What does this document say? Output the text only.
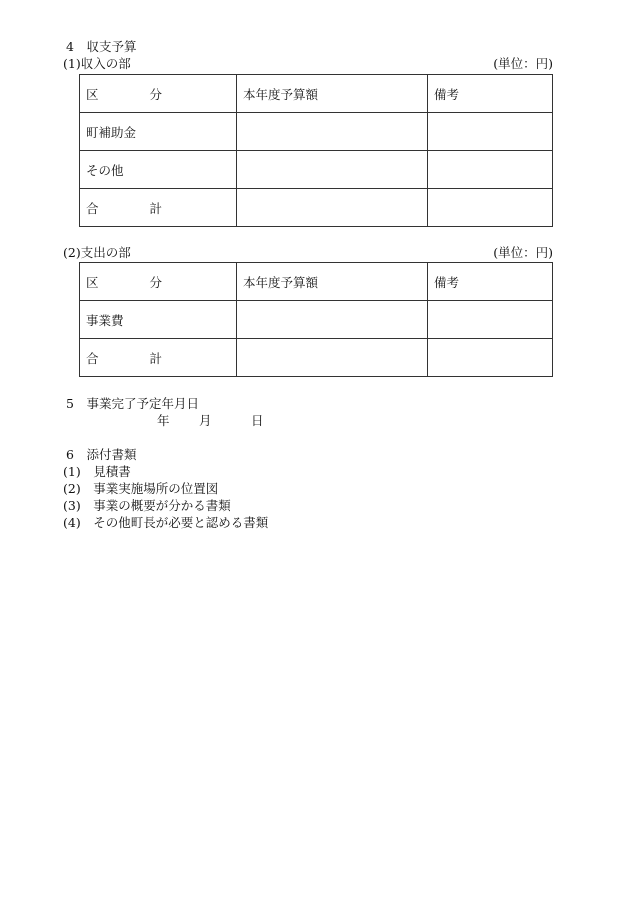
4　収支予算
(1)収入の部	(単位：円)
区 分	本年度予算額	備考
町補助金		
その他		

合 計		

(2)支出の部	(単位：円)
区 分	本年度予算額	備考
事業費		

合 計		

5　事業完了予定年月日
年 月	日
6　添付書類
(1)　見積書
(2)　事業実施場所の位置図
(3)　事業の概要が分かる書類
(4)　その他町長が必要と認める書類
